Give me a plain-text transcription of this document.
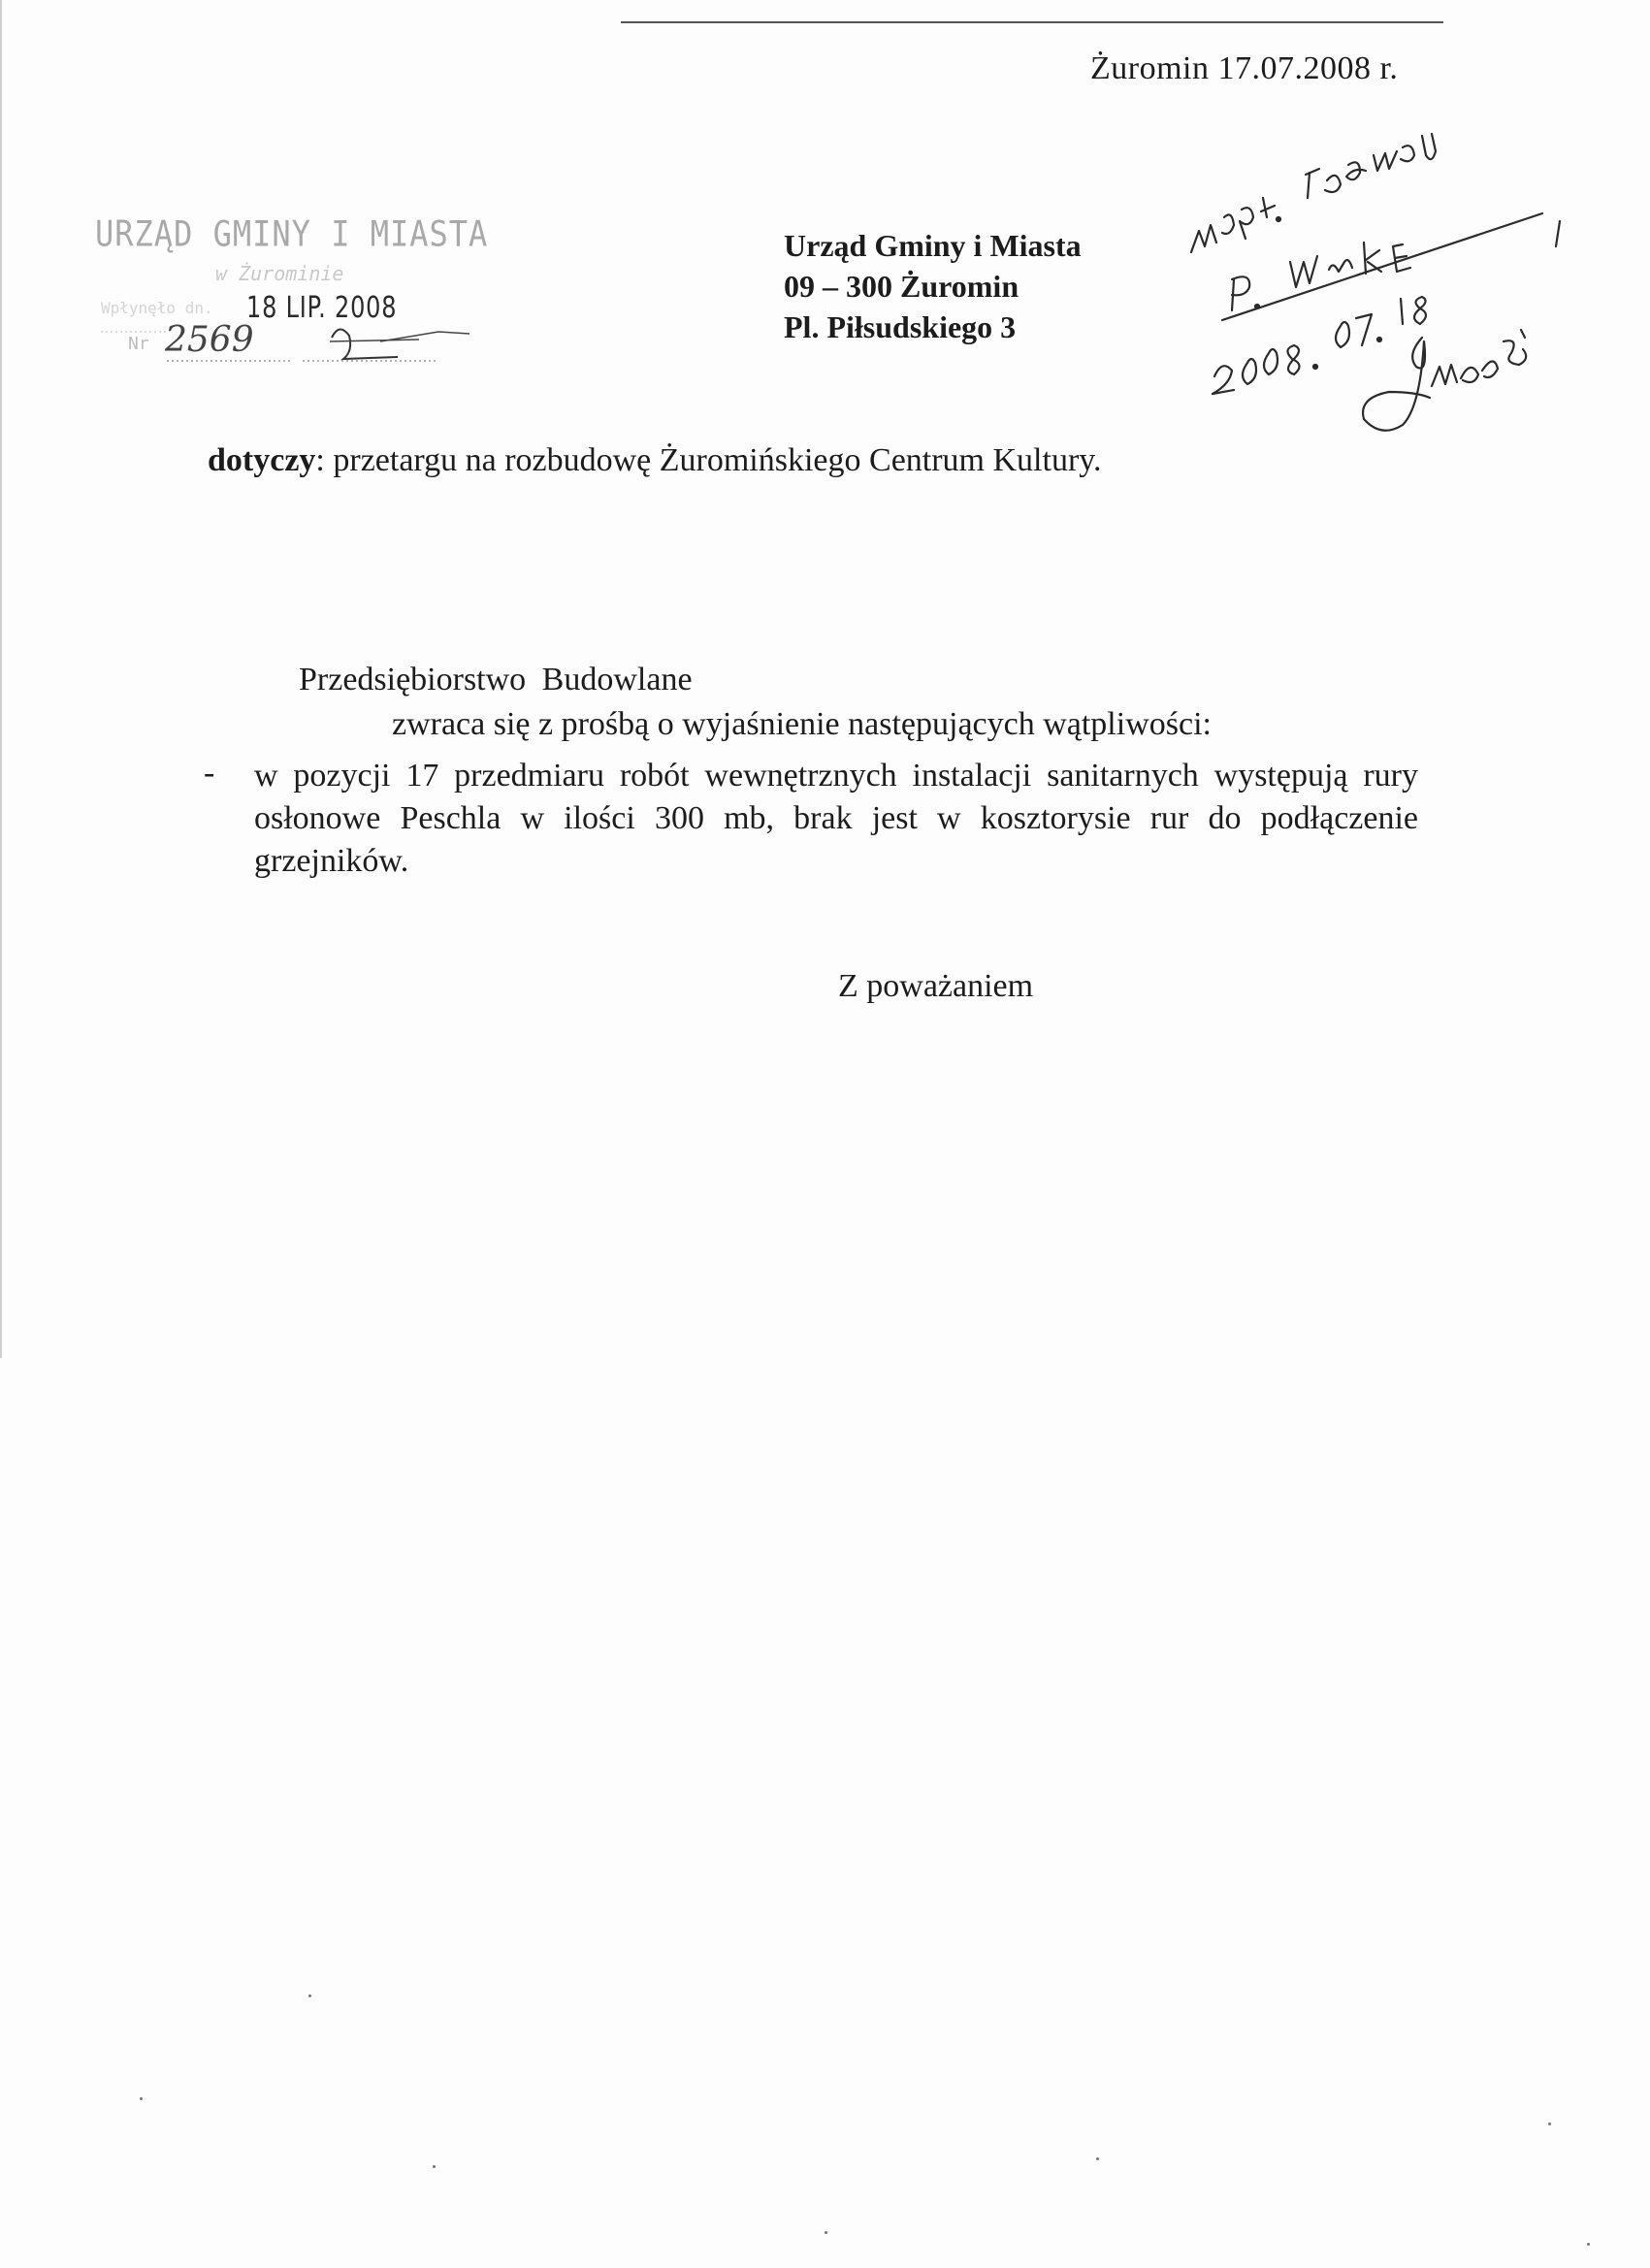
Żuromin 17.07.2008 r.
URZĄD GMINY I MIASTA
w Żurominie
Wpłynęło dn. 18 LIP. 2008
Nr 2569
Urząd Gminy i Miasta
09 – 300 Żuromin
Pl. Piłsudskiego 3
dotyczy: przetargu na rozbudowę Żuromińskiego Centrum Kultury.
Przedsiębiorstwo Budowlane
zwraca się z prośbą o wyjaśnienie następujących wątpliwości:
- w pozycji 17 przedmiaru robót wewnętrznych instalacji sanitarnych występują rury osłonowe Peschla w ilości 300 mb, brak jest w kosztorysie rur do podłączenie grzejników.
Z poważaniem
